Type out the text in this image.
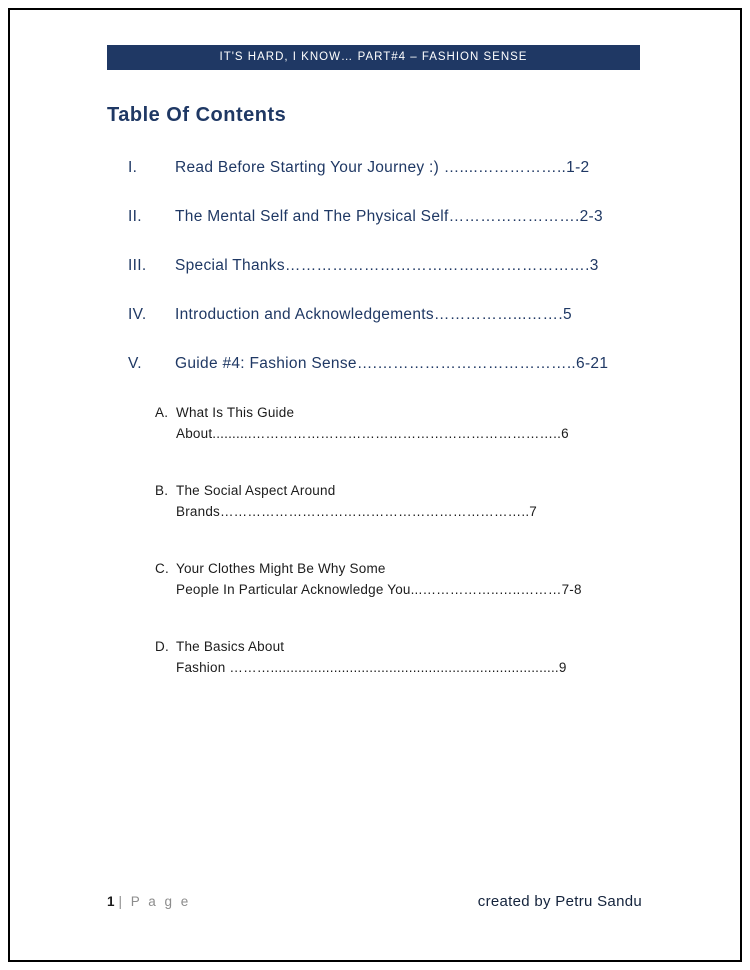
IT'S HARD, I KNOW… PART#4 – FASHION SENSE
Table Of Contents
I.	Read Before Starting Your Journey :) …....……………..1-2
II.	The Mental Self and The Physical Self…………………….2-3
III.	Special Thanks………………………………………………….3
IV.	Introduction and Acknowledgements……………...…….5
V.	Guide #4: Fashion Sense….………………………………..6-21
A. What Is This Guide
About..........…………………………………………………………..6
B. The Social Aspect Around
Brands…………………………………………………………..7
C. Your Clothes Might Be Why Some
People In Particular Acknowledge You...……………..…..………7-8
D. The Basics About
Fashion ……….........................................................................9
1 | P a g e	created by Petru Sandu
